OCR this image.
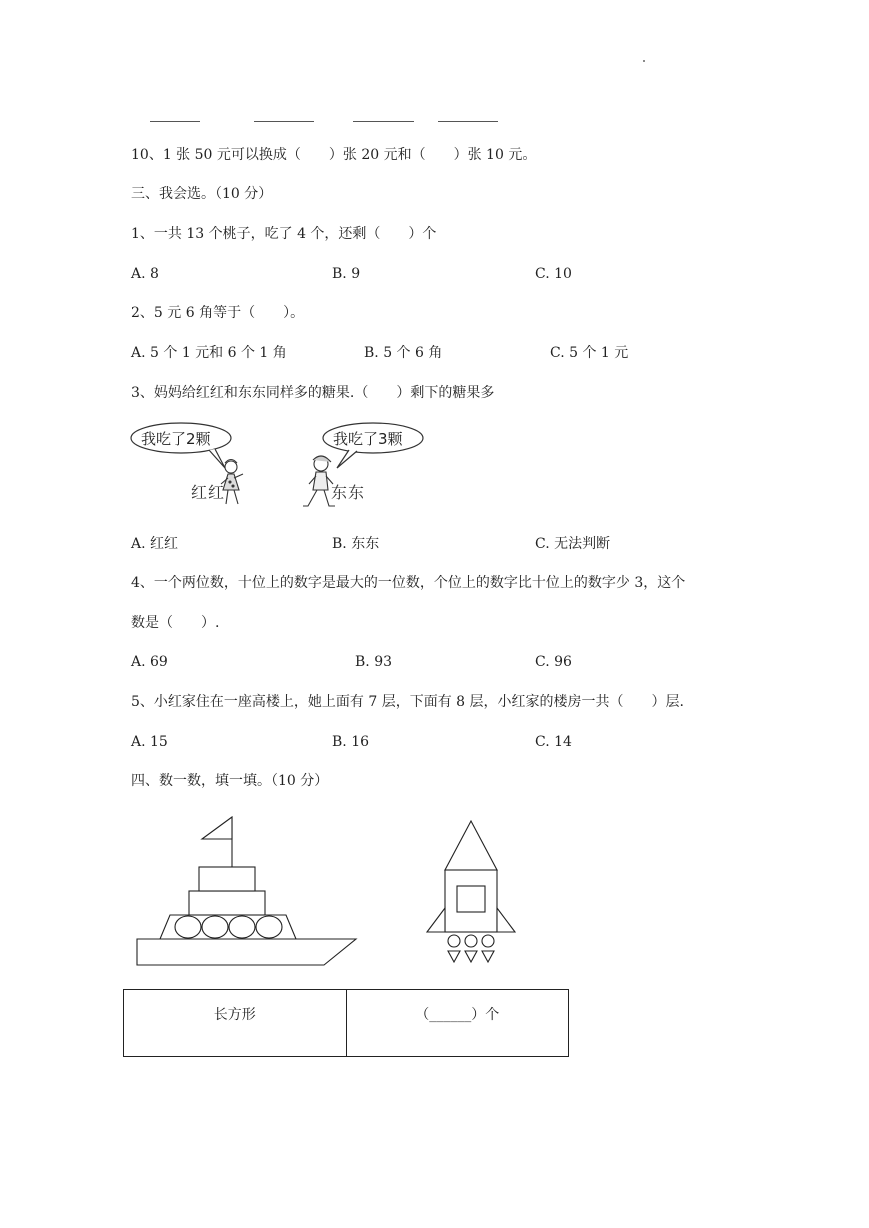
10、1 张 50 元可以换成（　　）张 20 元和（　　）张 10 元。
三、我会选。（10 分）
1、一共 13 个桃子，吃了 4 个，还剩（　　）个
A. 8	B. 9	C. 10
2、5 元 6 角等于（　　）。
A. 5 个 1 元和 6 个 1 角	B. 5 个 6 角	C. 5 个 1 元
3、妈妈给红红和东东同样多的糖果.（　　）剩下的糖果多
我吃了2颗	我吃了3颗
红红	东东
A. 红红	B. 东东	C. 无法判断
4、一个两位数，十位上的数字是最大的一位数，个位上的数字比十位上的数字少 3，这个
数是（　　）.
A. 69	B. 93	C. 96
5、小红家住在一座高楼上，她上面有 7 层，下面有 8 层，小红家的楼房一共（　　）层.
A. 15	B. 16	C. 14
四、数一数，填一填。（10 分）
长方形	（______）个
